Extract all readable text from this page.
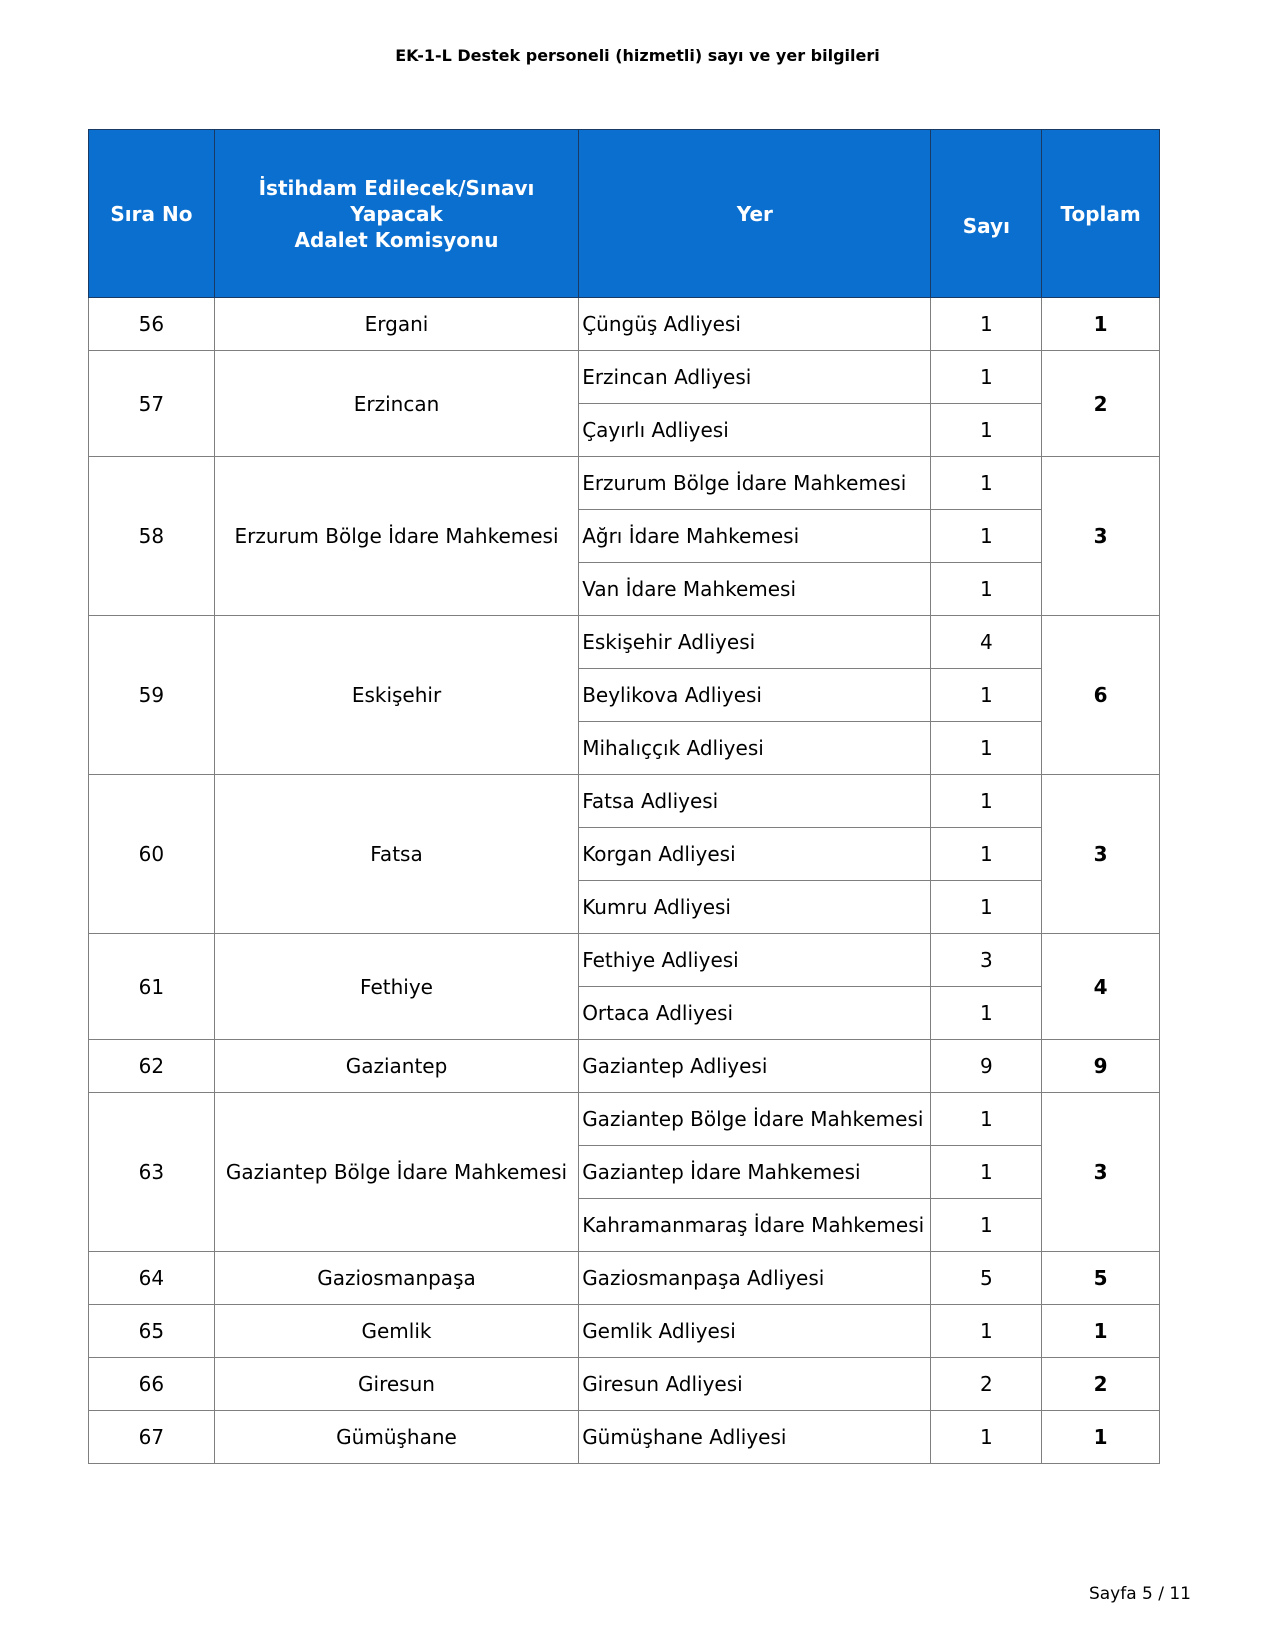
EK-1-L Destek personeli (hizmetli) sayı ve yer bilgileri
Sıra No	İstihdam Edilecek/Sınavı
Yapacak
Adalet Komisyonu	Yer	Sayı	Toplam
56	Ergani	Çüngüş Adliyesi	1	1
57	Erzincan	Erzincan Adliyesi	1	2
		Çayırlı Adliyesi	1	
58	Erzurum Bölge İdare Mahkemesi	Erzurum Bölge İdare Mahkemesi	1	3
		Ağrı İdare Mahkemesi	1	
		Van İdare Mahkemesi	1	
59	Eskişehir	Eskişehir Adliyesi	4	6
		Beylikova Adliyesi	1	
		Mihalıççık Adliyesi	1	
60	Fatsa	Fatsa Adliyesi	1	3
		Korgan Adliyesi	1	
		Kumru Adliyesi	1	
61	Fethiye	Fethiye Adliyesi	3	4
		Ortaca Adliyesi	1	
62	Gaziantep	Gaziantep Adliyesi	9	9
63	Gaziantep Bölge İdare Mahkemesi	Gaziantep Bölge İdare Mahkemesi	1	3
		Gaziantep İdare Mahkemesi	1	
		Kahramanmaraş İdare Mahkemesi	1	
64	Gaziosmanpaşa	Gaziosmanpaşa Adliyesi	5	5
65	Gemlik	Gemlik Adliyesi	1	1
66	Giresun	Giresun Adliyesi	2	2
67	Gümüşhane	Gümüşhane Adliyesi	1	1
Sayfa 5 / 11
